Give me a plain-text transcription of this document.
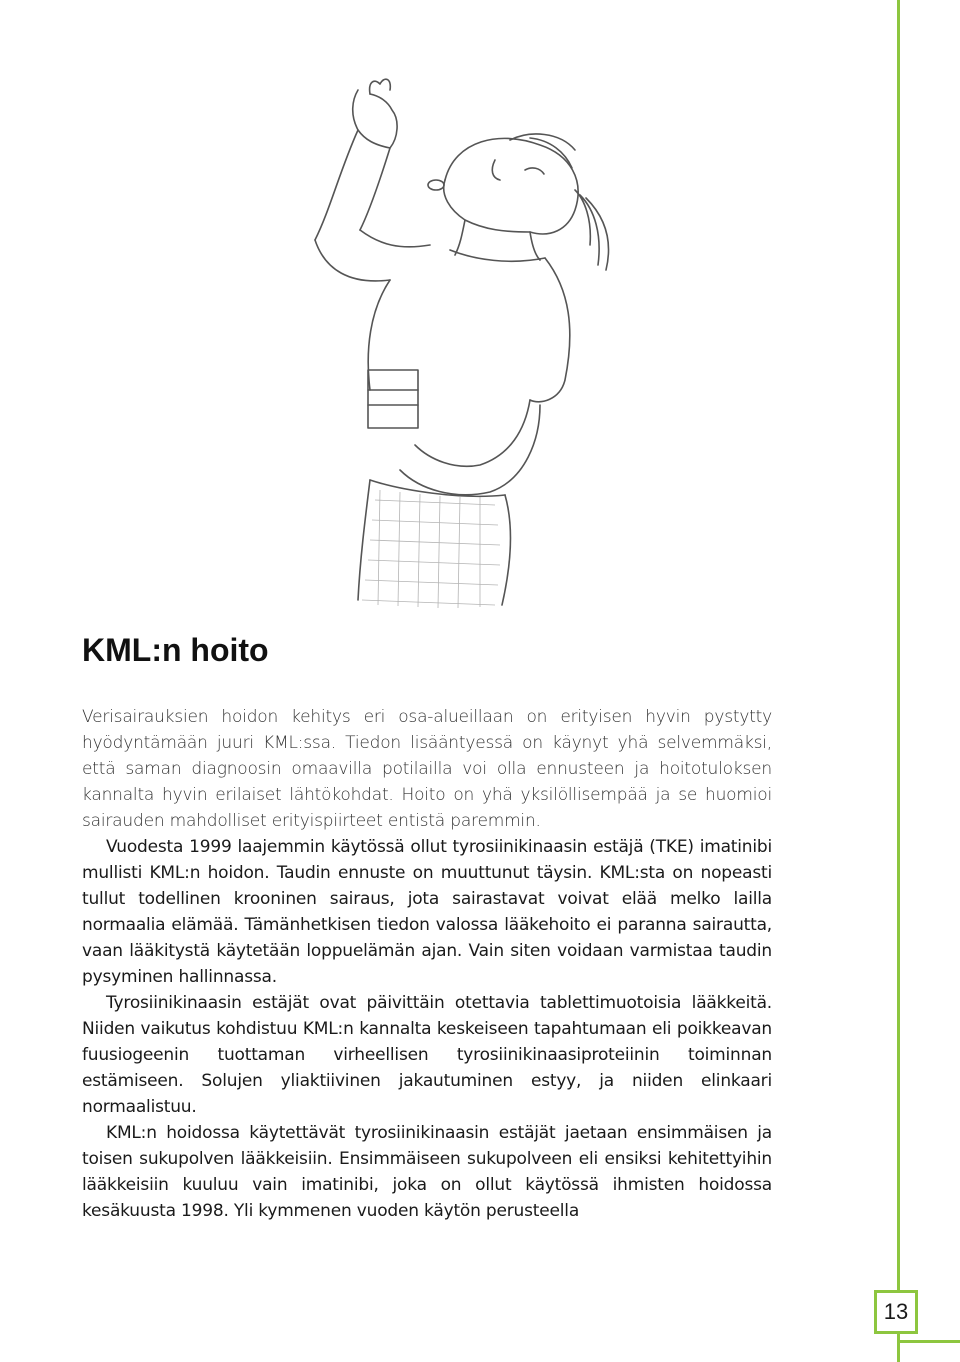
13
KML:n hoito

Verisairauksien hoidon kehitys eri osa-alueillaan on erityisen hyvin pystytty hyödyntämään juuri KML:ssa. Tiedon lisääntyessä on käynyt yhä selvemmäksi, että saman diagnoosin omaavilla potilailla voi olla ennusteen ja hoitotuloksen kannalta hyvin erilaiset lähtökohdat. Hoito on yhä yksilöllisempää ja se huomioi sairauden mahdolliset erityispiirteet entistä paremmin.

Vuodesta 1999 laajemmin käytössä ollut tyrosiinikinaasin estäjä (TKE) imatinibi mullisti KML:n hoidon. Taudin ennuste on muuttunut täysin. KML:sta on nopeasti tullut todellinen krooninen sairaus, jota sairastavat voivat elää melko lailla normaalia elämää. Tämänhetkisen tiedon valossa lääkehoito ei paranna sairautta, vaan lääkitystä käytetään loppuelämän ajan. Vain siten voidaan varmistaa taudin pysyminen hallinnassa.

Tyrosiinikinaasin estäjät ovat päivittäin otettavia tablettimuotoisia lääkkeitä. Niiden vaikutus kohdistuu KML:n kannalta keskeiseen tapahtumaan eli poikkeavan fuusiogeenin tuottaman virheellisen tyrosiinikinaasiproteiinin toiminnan estämiseen. Solujen yliaktiivinen jakautuminen estyy, ja niiden elinkaari normaalistuu.

KML:n hoidossa käytettävät tyrosiinikinaasin estäjät jaetaan ensimmäisen ja toisen sukupolven lääkkeisiin. Ensimmäiseen sukupolveen eli ensiksi kehitettyihin lääkkeisiin kuuluu vain imatinibi, joka on ollut käytössä ihmisten hoidossa kesäkuusta 1998. Yli kymmenen vuoden käytön perusteella
